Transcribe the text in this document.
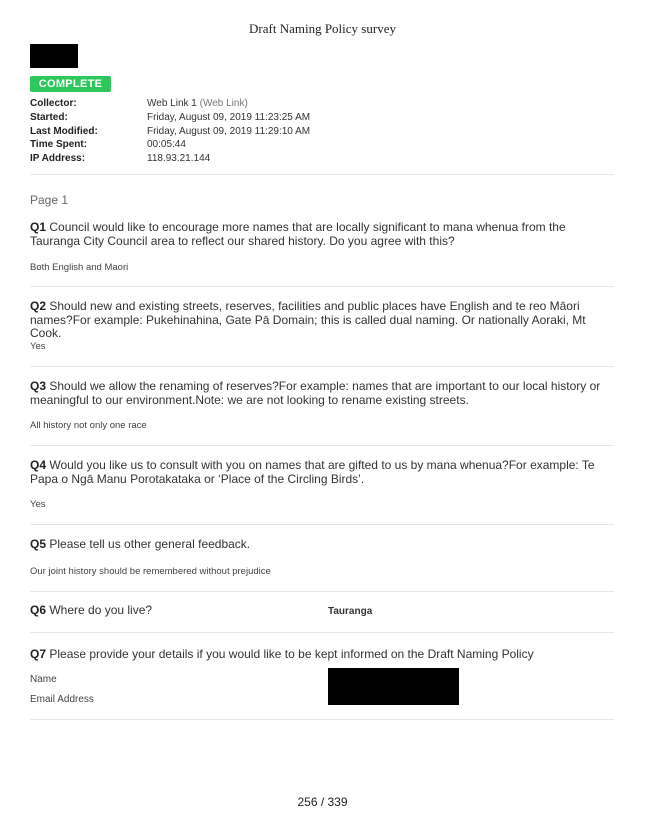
Draft Naming Policy survey
COMPLETE
Collector:	Web Link 1 (Web Link)
Started:	Friday, August 09, 2019 11:23:25 AM
Last Modified:	Friday, August 09, 2019 11:29:10 AM
Time Spent:	00:05:44
IP Address:	118.93.21.144
Page 1
Q1 Council would like to encourage more names that are locally significant to mana whenua from the Tauranga City Council area to reflect our shared history. Do you agree with this?
Both English and Maori
Q2 Should new and existing streets, reserves, facilities and public places have English and te reo Māori names?For example: Pukehinahina, Gate Pā Domain; this is called dual naming. Or nationally Aoraki, Mt Cook.
Yes
Q3 Should we allow the renaming of reserves?For example: names that are important to our local history or meaningful to our environment.Note: we are not looking to rename existing streets.
All history not only one race
Q4 Would you like us to consult with you on names that are gifted to us by mana whenua?For example: Te Papa o Ngā Manu Porotakataka or ‘Place of the Circling Birds’.
Yes
Q5 Please tell us other general feedback.
Our joint history should be remembered without prejudice
Q6 Where do you live?	Tauranga
Q7 Please provide your details if you would like to be kept informed on the Draft Naming Policy
Name
Email Address
256 / 339
